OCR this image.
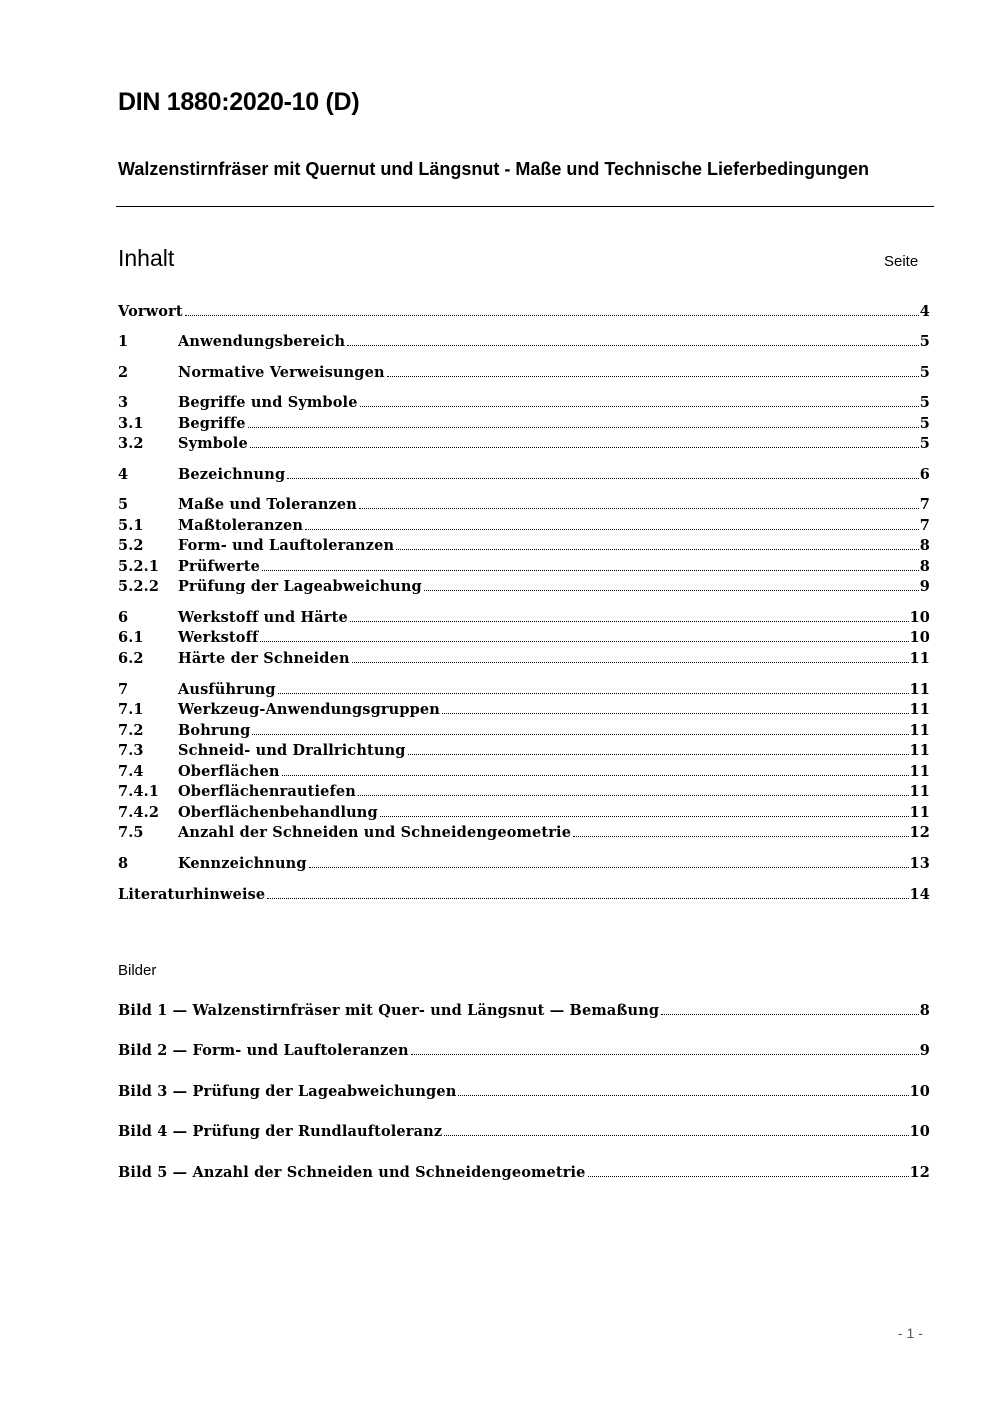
DIN 1880:2020-10 (D)
Walzenstirnfräser mit Quernut und Längsnut - Maße und Technische Lieferbedingungen
Inhalt	Seite
Vorwort	4
1	Anwendungsbereich	5
2	Normative Verweisungen	5
3	Begriffe und Symbole	5
3.1 Begriffe	5
3.2 Symbole	5
4	Bezeichnung	6
5	Maße und Toleranzen	7
5.1 Maßtoleranzen	7
5.2 Form- und Lauftoleranzen	8
5.2.1 Prüfwerte	8
5.2.2 Prüfung der Lageabweichung	9
6	Werkstoff und Härte	10
6.1 Werkstoff	10
6.2 Härte der Schneiden	11
7	Ausführung	11
7.1 Werkzeug-Anwendungsgruppen	11
7.2 Bohrung	11
7.3 Schneid- und Drallrichtung	11
7.4 Oberflächen	11
7.4.1 Oberflächenrautiefen	11
7.4.2 Oberflächenbehandlung	11
7.5 Anzahl der Schneiden und Schneidengeometrie	12
8	Kennzeichnung	13
Literaturhinweise	14
Bilder
Bild 1 — Walzenstirnfräser mit Quer- und Längsnut — Bemaßung	8
Bild 2 — Form- und Lauftoleranzen	9
Bild 3 — Prüfung der Lageabweichungen	10
Bild 4 — Prüfung der Rundlauftoleranz	10
Bild 5 — Anzahl der Schneiden und Schneidengeometrie	12
- 1 -
